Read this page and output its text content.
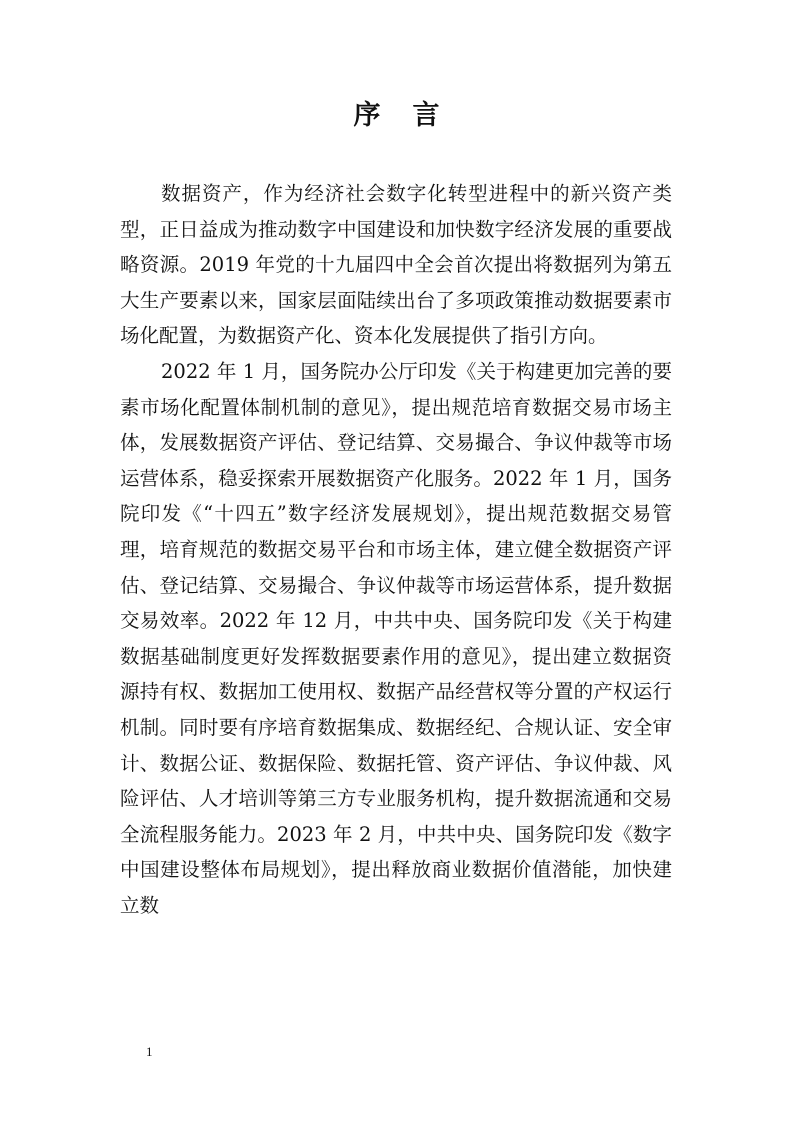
序言

数据资产，作为经济社会数字化转型进程中的新兴资产类型，正日益成为推动数字中国建设和加快数字经济发展的重要战略资源。2019 年党的十九届四中全会首次提出将数据列为第五大生产要素以来，国家层面陆续出台了多项政策推动数据要素市场化配置，为数据资产化、资本化发展提供了指引方向。

2022 年 1 月，国务院办公厅印发《关于构建更加完善的要素市场化配置体制机制的意见》，提出规范培育数据交易市场主体，发展数据资产评估、登记结算、交易撮合、争议仲裁等市场运营体系，稳妥探索开展数据资产化服务。2022 年 1 月，国务院印发《“十四五”数字经济发展规划》，提出规范数据交易管理，培育规范的数据交易平台和市场主体，建立健全数据资产评估、登记结算、交易撮合、争议仲裁等市场运营体系，提升数据交易效率。2022 年 12 月，中共中央、国务院印发《关于构建数据基础制度更好发挥数据要素作用的意见》，提出建立数据资源持有权、数据加工使用权、数据产品经营权等分置的产权运行机制。同时要有序培育数据集成、数据经纪、合规认证、安全审计、数据公证、数据保险、数据托管、资产评估、争议仲裁、风险评估、人才培训等第三方专业服务机构，提升数据流通和交易全流程服务能力。2023 年 2 月，中共中央、国务院印发《数字中国建设整体布局规划》，提出释放商业数据价值潜能，加快建立数

1
